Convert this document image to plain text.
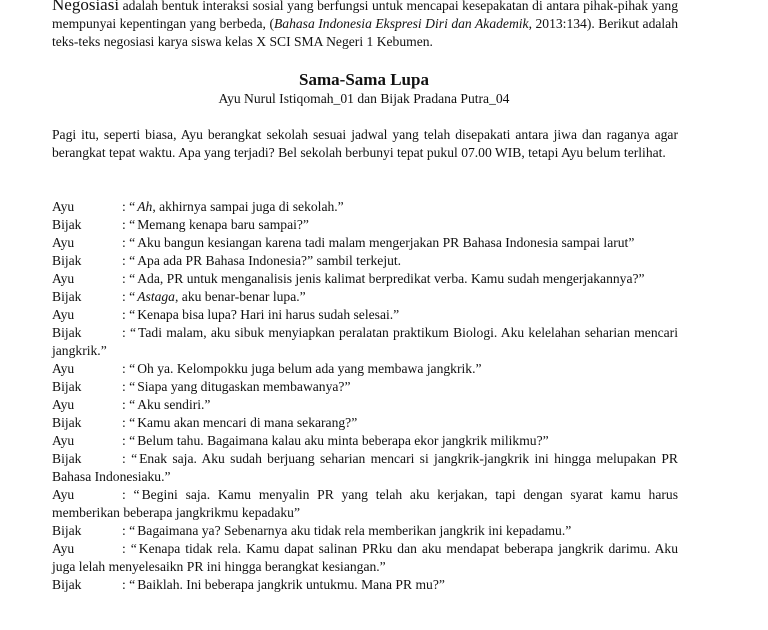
Negosiasi adalah bentuk interaksi sosial yang berfungsi untuk mencapai kesepakatan di antara pihak-pihak yang mempunyai kepentingan yang berbeda, (Bahasa Indonesia Ekspresi Diri dan Akademik, 2013:134). Berikut adalah teks-teks negosiasi karya siswa kelas X SCI SMA Negeri 1 Kebumen.
Sama-Sama Lupa
Ayu Nurul Istiqomah_01 dan Bijak Pradana Putra_04
Pagi itu, seperti biasa, Ayu berangkat sekolah sesuai jadwal yang telah disepakati antara jiwa dan raganya agar berangkat tepat waktu. Apa yang terjadi? Bel sekolah berbunyi tepat pukul 07.00 WIB, tetapi Ayu belum terlihat.
Ayu	: “ Ah, akhirnya sampai juga di sekolah.”
Bijak	: “ Memang kenapa baru sampai?”
Ayu	: “ Aku bangun kesiangan karena tadi malam mengerjakan PR Bahasa Indonesia sampai larut”
Bijak	: “ Apa ada PR Bahasa Indonesia?” sambil terkejut.
Ayu	: “ Ada, PR untuk menganalisis jenis kalimat berpredikat verba. Kamu sudah mengerjakannya?”
Bijak	: “ Astaga, aku benar-benar lupa.”
Ayu	: “ Kenapa bisa lupa? Hari ini harus sudah selesai.”
Bijak	: “ Tadi malam, aku sibuk menyiapkan peralatan praktikum Biologi. Aku kelelahan seharian mencari jangkrik.”
Ayu	: “ Oh ya. Kelompokku juga belum ada yang membawa jangkrik.”
Bijak	: “ Siapa yang ditugaskan membawanya?”
Ayu	: “ Aku sendiri.”
Bijak	: “ Kamu akan mencari di mana sekarang?”
Ayu	: “ Belum tahu. Bagaimana kalau aku minta beberapa ekor jangkrik milikmu?”
Bijak	: “ Enak saja. Aku sudah berjuang seharian mencari si jangkrik-jangkrik ini hingga melupakan PR Bahasa Indonesiaku.”
Ayu	: “ Begini saja. Kamu menyalin PR yang telah aku kerjakan, tapi dengan syarat kamu harus memberikan beberapa jangkrikmu kepadaku”
Bijak	: “ Bagaimana ya? Sebenarnya aku tidak rela memberikan jangkrik ini kepadamu.”
Ayu	: “ Kenapa tidak rela. Kamu dapat salinan PRku dan aku mendapat beberapa jangkrik darimu. Aku juga lelah menyelesaikn PR ini hingga berangkat kesiangan.”
Bijak	: “ Baiklah. Ini beberapa jangkrik untukmu. Mana PR mu?”
